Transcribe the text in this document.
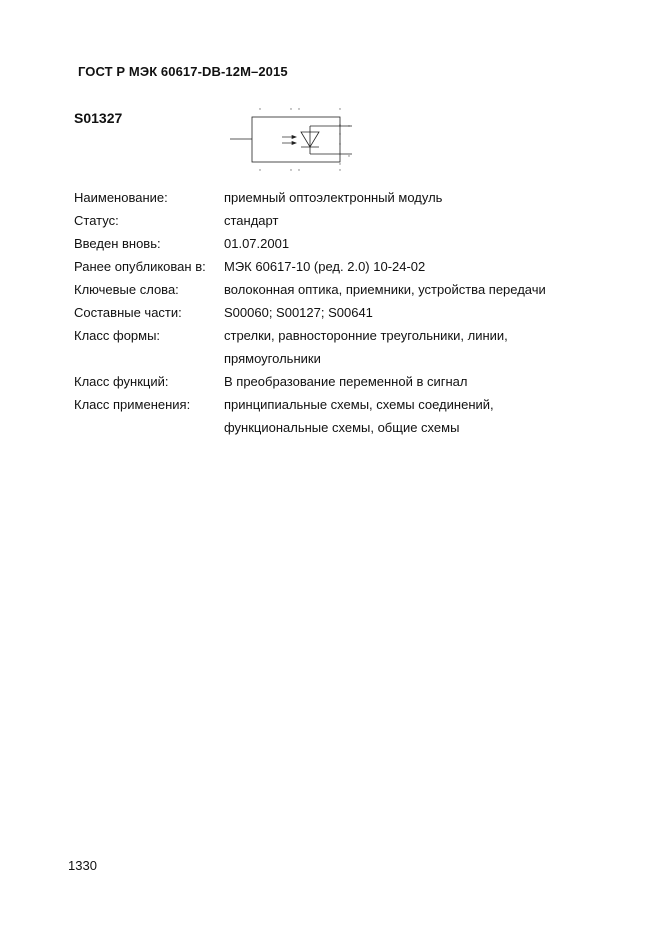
ГОСТ Р МЭК 60617-DB-12M–2015
S01327
Наименование:	приемный оптоэлектронный модуль
Статус:	стандарт
Введен вновь:	01.07.2001
Ранее опубликован в:	МЭК 60617-10 (ред. 2.0) 10-24-02
Ключевые слова:	волоконная оптика, приемники, устройства передачи
Составные части:	S00060; S00127; S00641
Класс формы:	стрелки, равносторонние треугольники, линии,
прямоугольники
Класс функций:	В преобразование переменной в сигнал
Класс применения:	принципиальные схемы, схемы соединений,
функциональные схемы, общие схемы
1330
